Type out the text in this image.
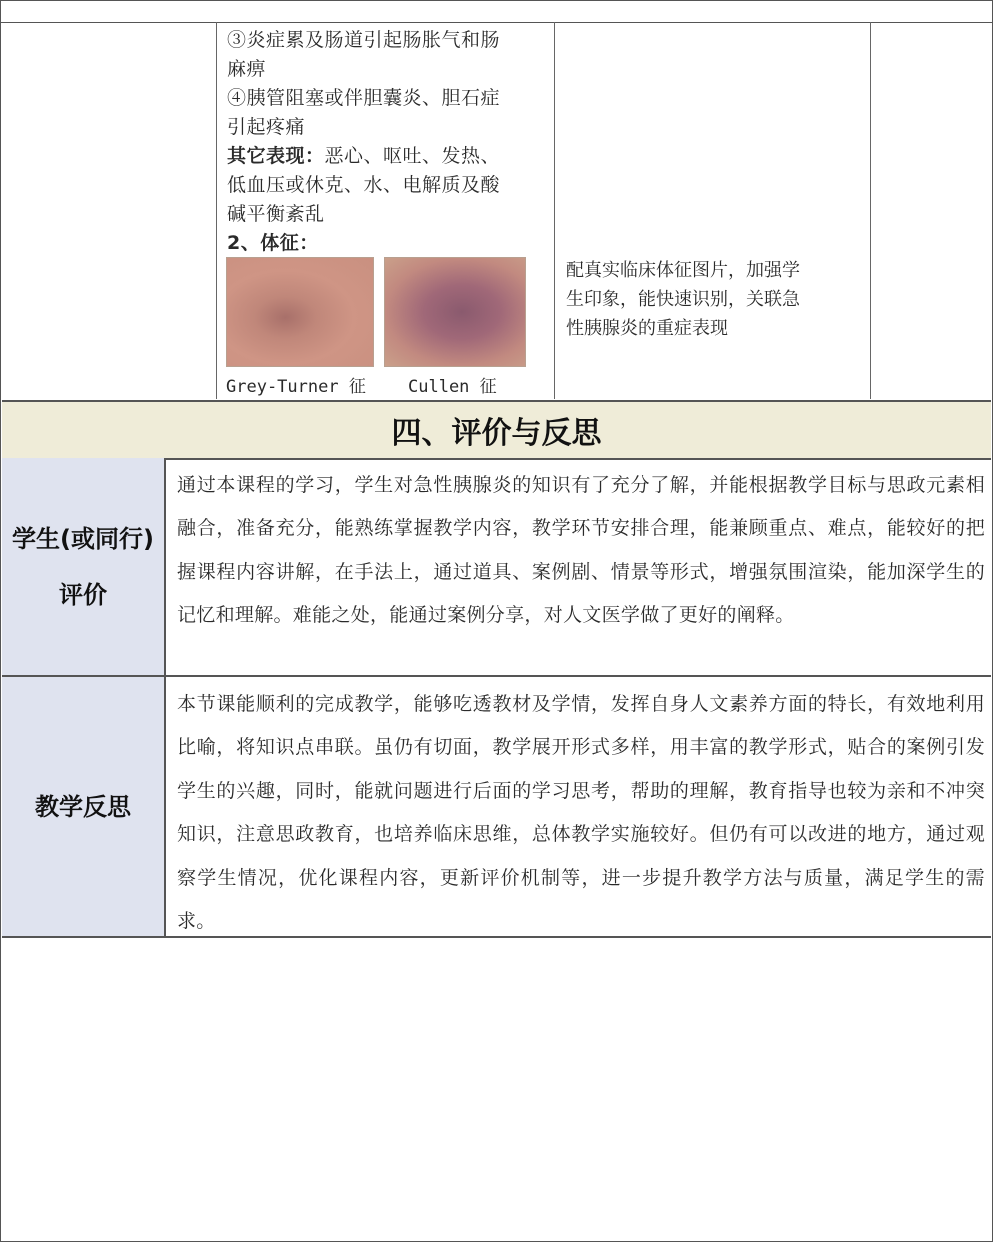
③炎症累及肠道引起肠胀气和肠
麻痹
④胰管阻塞或伴胆囊炎、胆石症
引起疼痛
其它表现：恶心、呕吐、发热、
低血压或休克、水、电解质及酸
碱平衡紊乱
2、体征：
Grey-Turner 征 Cullen 征
配真实临床体征图片，加强学
生印象，能快速识别，关联急
性胰腺炎的重症表现
四、评价与反思
学生(或同行)
评价
通过本课程的学习，学生对急性胰腺炎的知识有了充分了解，并能根据教学目标与思政元素相融合，准备充分，能熟练掌握教学内容，教学环节安排合理，能兼顾重点、难点，能较好的把握课程内容讲解，在手法上，通过道具、案例剧、情景等形式，增强氛围渲染，能加深学生的记忆和理解。难能之处，能通过案例分享，对人文医学做了更好的阐释。
教学反思
本节课能顺利的完成教学，能够吃透教材及学情，发挥自身人文素养方面的特长，有效地利用比喻，将知识点串联。虽仍有切面，教学展开形式多样，用丰富的教学形式，贴合的案例引发学生的兴趣，同时，能就问题进行后面的学习思考，帮助的理解，教育指导也较为亲和不冲突知识，注意思政教育，也培养临床思维，总体教学实施较好。但仍有可以改进的地方，通过观察学生情况，优化课程内容，更新评价机制等，进一步提升教学方法与质量，满足学生的需求。
